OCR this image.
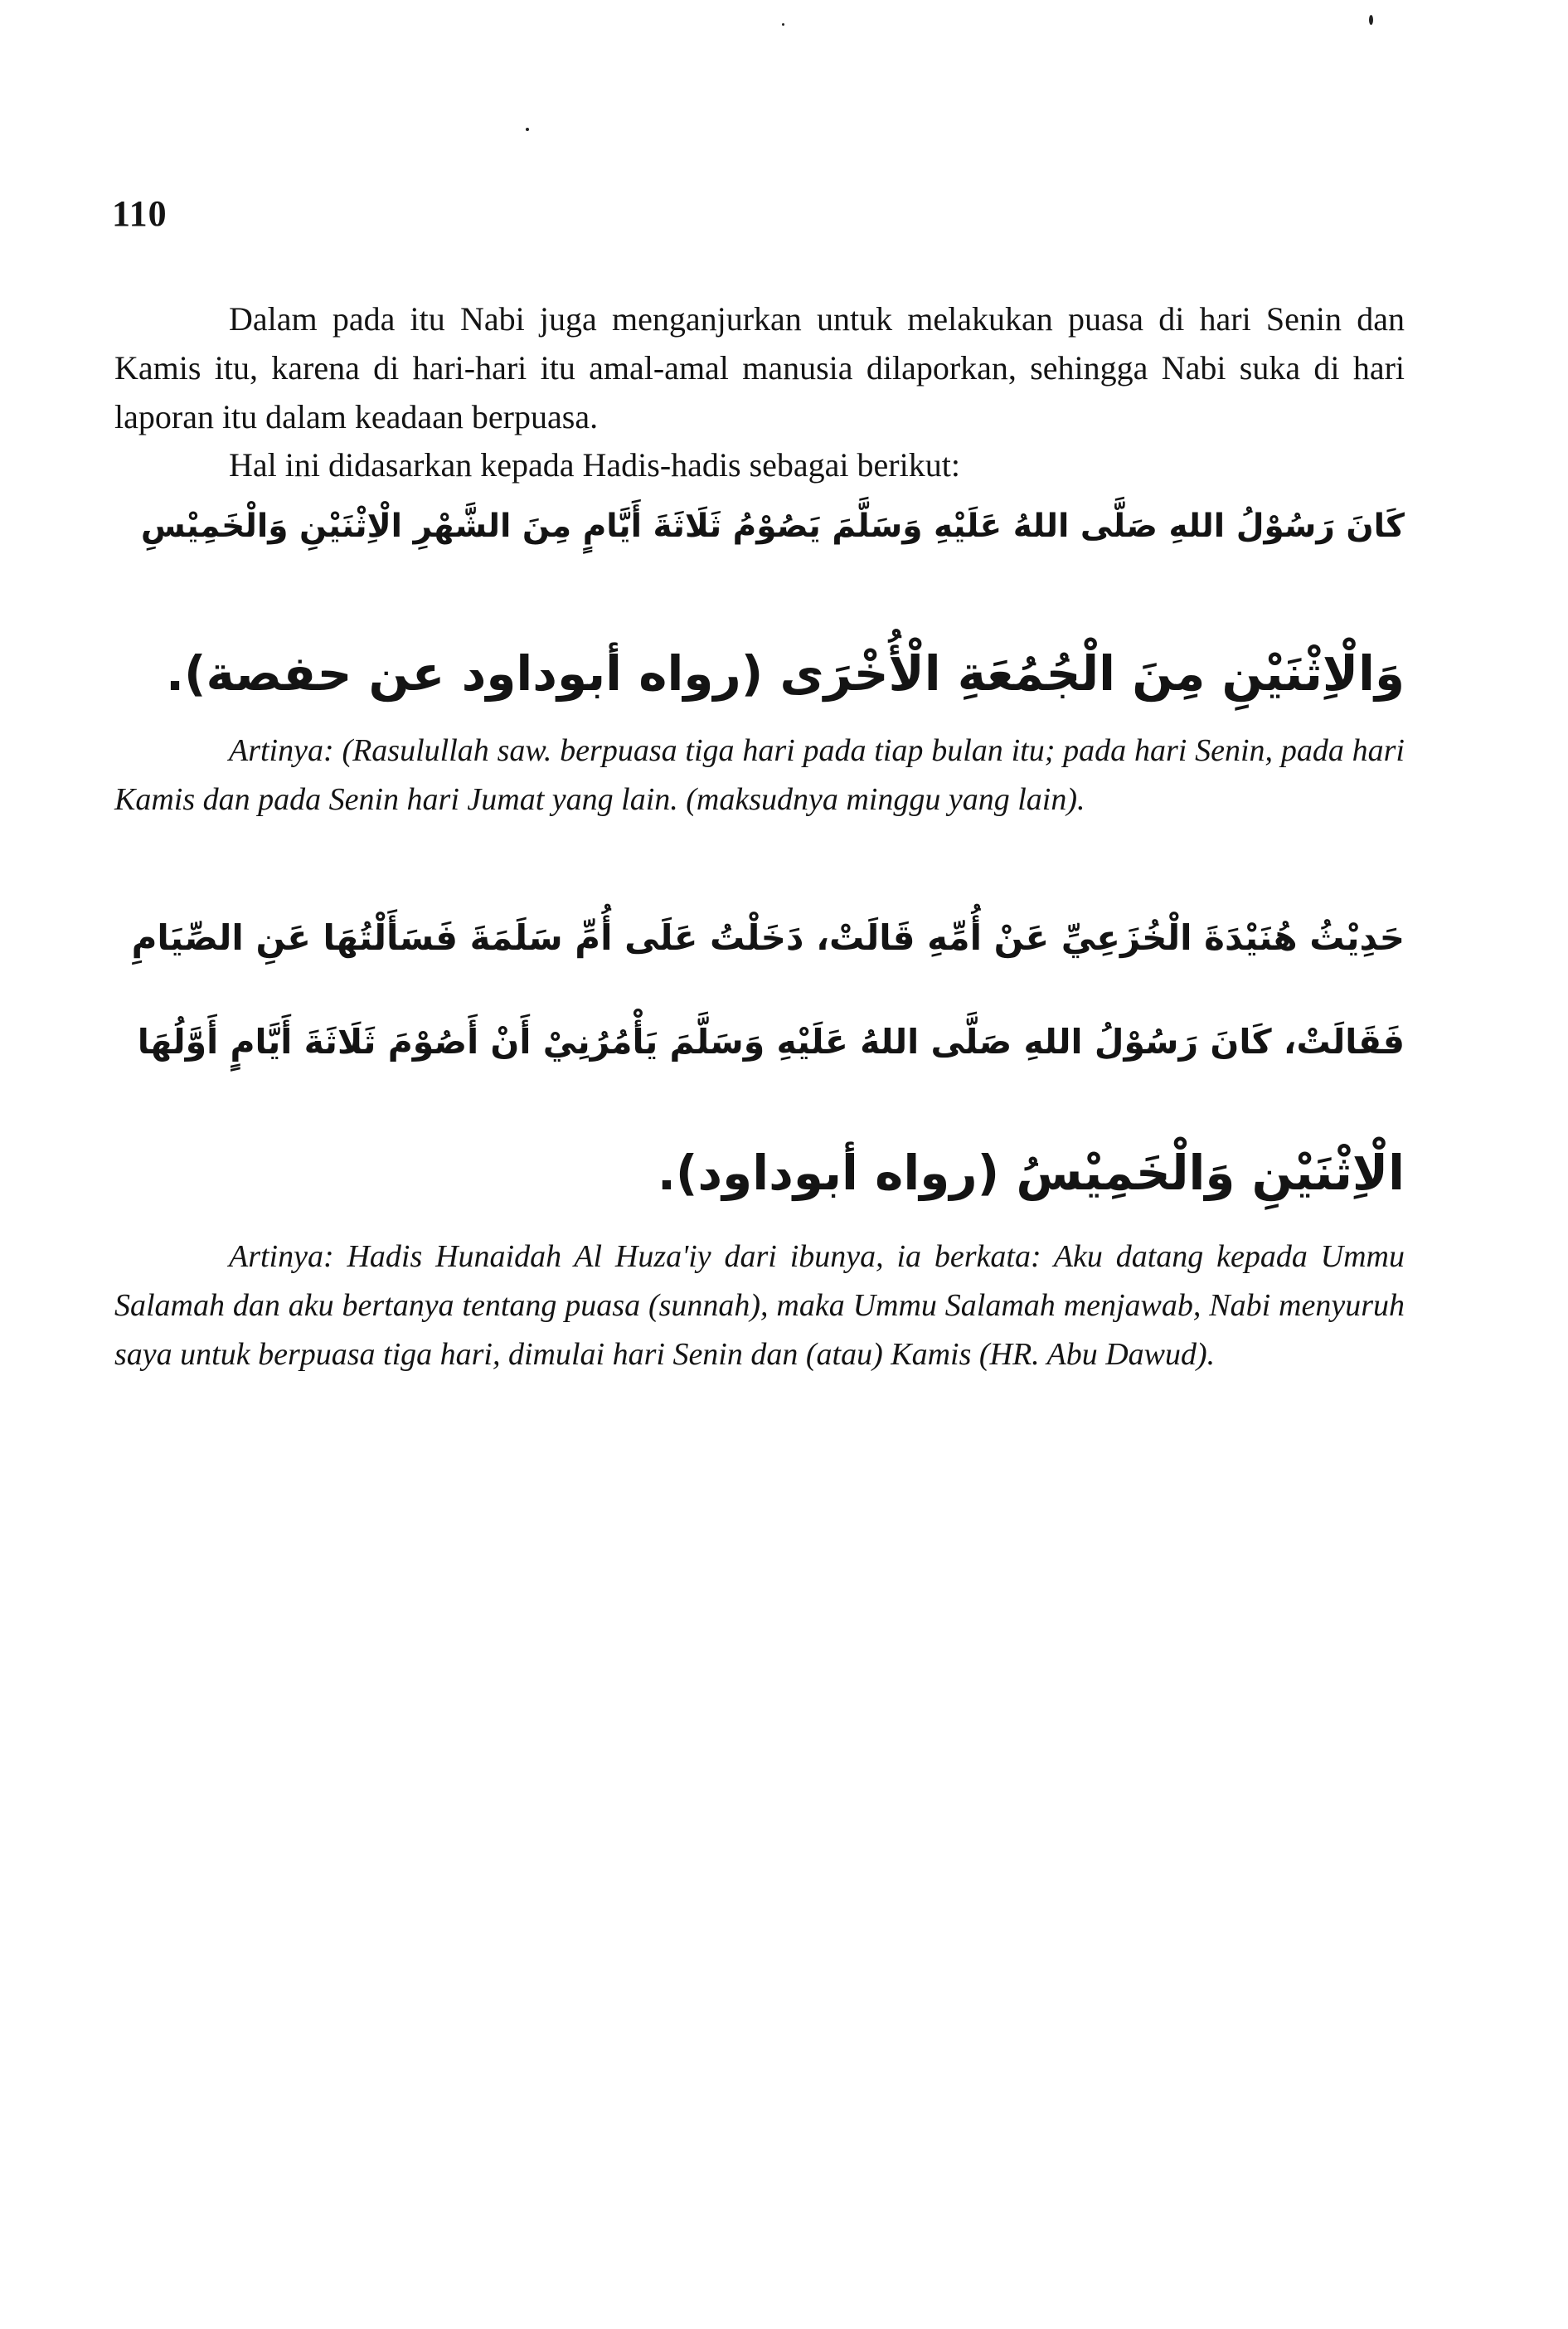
110

Dalam pada itu Nabi juga menganjurkan untuk melakukan puasa di hari Senin dan Kamis itu, karena di hari-hari itu amal-amal manusia dilaporkan, sehingga Nabi suka di hari laporan itu dalam keadaan berpuasa.

Hal ini didasarkan kepada Hadis-hadis sebagai berikut:

كَانَ رَسُوْلُ اللهِ صَلَّى اللهُ عَلَيْهِ وَسَلَّمَ يَصُوْمُ ثَلَاثَةَ أَيَّامٍ مِنَ الشَّهْرِ الْاِثْنَيْنِ وَالْخَمِيْسِ

وَالْاِثْنَيْنِ مِنَ الْجُمُعَةِ الْأُخْرَى (رواه أبوداود عن حفصة).

Artinya: (Rasulullah saw. berpuasa tiga hari pada tiap bulan itu; pada hari Senin, pada hari Kamis dan pada Senin hari Jumat yang lain. (maksudnya minggu yang lain).

حَدِيْثُ هُنَيْدَةَ الْخُزَعِيِّ عَنْ أُمِّهِ قَالَتْ، دَخَلْتُ عَلَى أُمِّ سَلَمَةَ فَسَأَلْتُهَا عَنِ الصِّيَامِ

فَقَالَتْ، كَانَ رَسُوْلُ اللهِ صَلَّى اللهُ عَلَيْهِ وَسَلَّمَ يَأْمُرُنِيْ أَنْ أَصُوْمَ ثَلَاثَةَ أَيَّامٍ أَوَّلُهَا

الْاِثْنَيْنِ وَالْخَمِيْسُ (رواه أبوداود).

Artinya: Hadis Hunaidah Al Huza'iy dari ibunya, ia berkata: Aku datang kepada Ummu Salamah dan aku bertanya tentang puasa (sunnah), maka Ummu Salamah menjawab, Nabi menyuruh saya untuk berpuasa tiga hari, dimulai hari Senin dan (atau) Kamis (HR. Abu Dawud).
